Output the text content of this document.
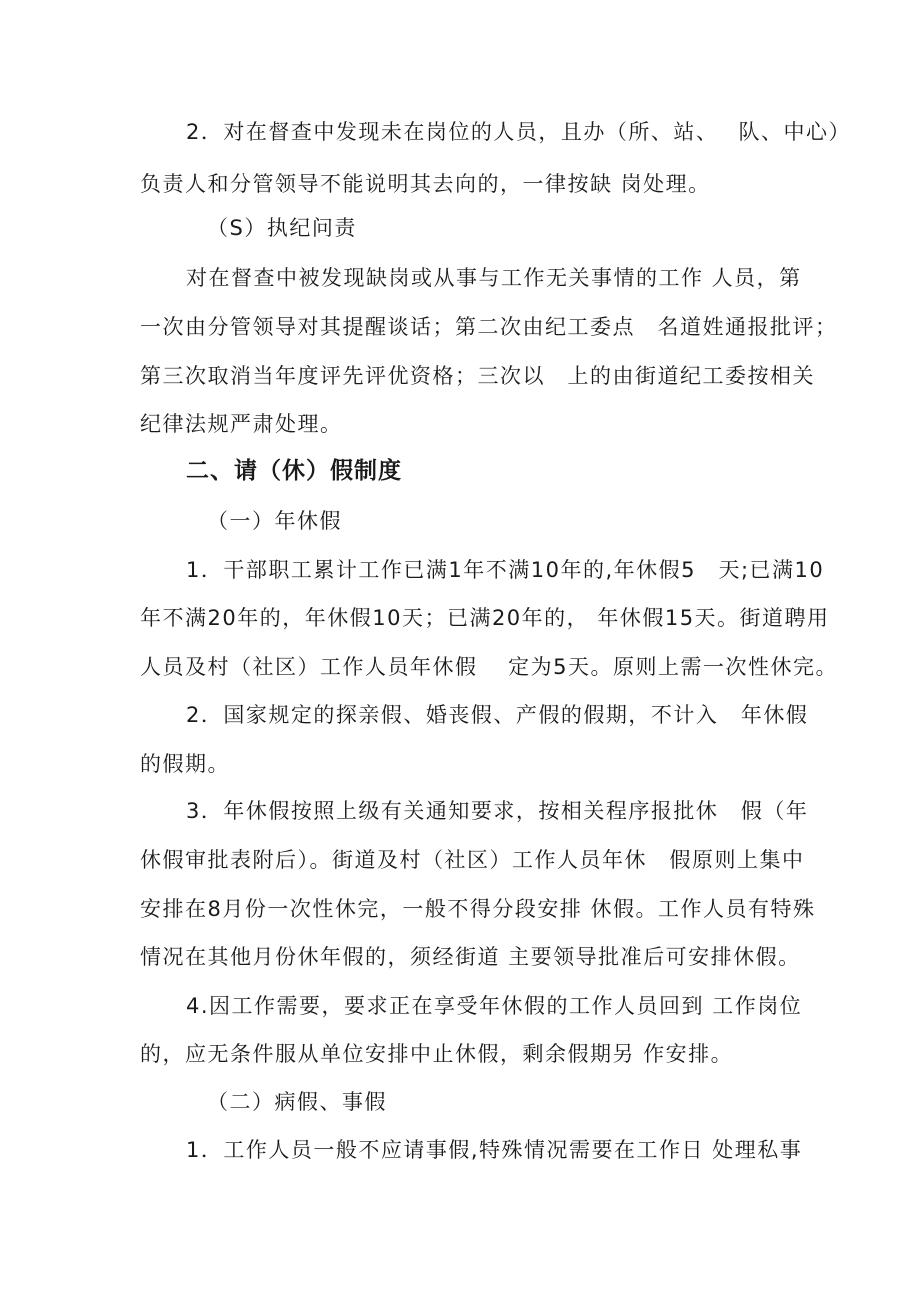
2．对在督查中发现未在岗位的人员，且办（所、站、　 队、中心）
负责人和分管领导不能说明其去向的，一律按缺 岗处理。
（S）执纪问责
对在督查中被发现缺岗或从事与工作无关事情的工作 人员，第
一次由分管领导对其提醒谈话；第二次由纪工委点　名道姓通报批评；
第三次取消当年度评先评优资格；三次以　上的由街道纪工委按相关
纪律法规严肃处理。
二、请（休）假制度
（一）年休假
1．干部职工累计工作已满1年不满10年的,年休假5　天;已满10
年不满20年的，年休假10天；已满20年的， 年休假15天。街道聘用
人员及村（社区）工作人员年休假　 定为5天。原则上需一次性休完。
2．国家规定的探亲假、婚丧假、产假的假期，不计入　年休假
的假期。
3．年休假按照上级有关通知要求，按相关程序报批休　假（年
休假审批表附后）。街道及村（社区）工作人员年休　假原则上集中
安排在8月份一次性休完，一般不得分段安排 休假。工作人员有特殊
情况在其他月份休年假的，须经街道 主要领导批准后可安排休假。
4.因工作需要，要求正在享受年休假的工作人员回到 工作岗位
的，应无条件服从单位安排中止休假，剩余假期另 作安排。
（二）病假、事假
1．工作人员一般不应请事假,特殊情况需要在工作日 处理私事
